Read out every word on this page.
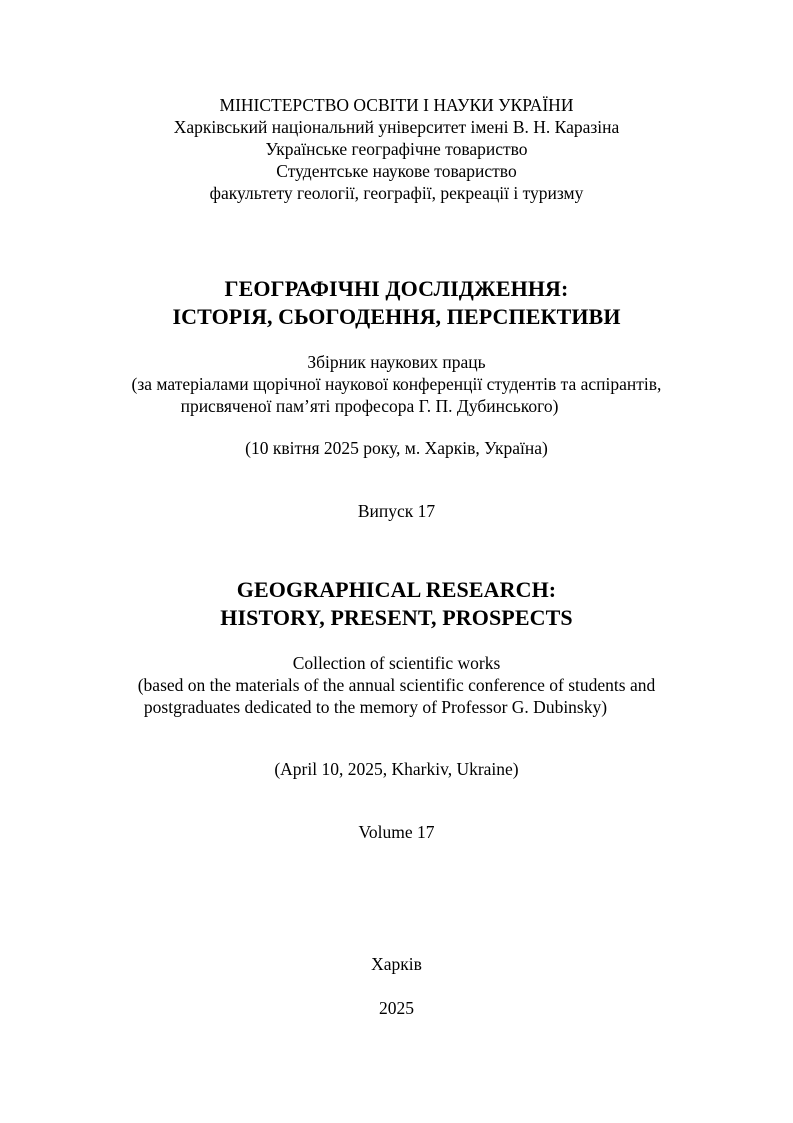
МІНІСТЕРСТВО ОСВІТИ І НАУКИ УКРАЇНИ
Харківський національний університет імені В. Н. Каразіна
Українське географічне товариство
Студентське наукове товариство
факультету геології, географії, рекреації і туризму
ГЕОГРАФІЧНІ ДОСЛІДЖЕННЯ:
ІСТОРІЯ, СЬОГОДЕННЯ, ПЕРСПЕКТИВИ
Збірник наукових праць
(за матеріалами щорічної наукової конференції студентів та аспірантів,
присвяченої пам’яті професора Г. П. Дубинського)
(10 квітня 2025 року, м. Харків, Україна)
Випуск 17
GEOGRAPHICAL RESEARCH:
HISTORY, PRESENT, PROSPECTS
Collection of scientific works
(based on the materials of the annual scientific conference of students and
postgraduates dedicated to the memory of Professor G. Dubinsky)
(April 10, 2025, Kharkiv, Ukraine)
Volume 17
Харків
2025
